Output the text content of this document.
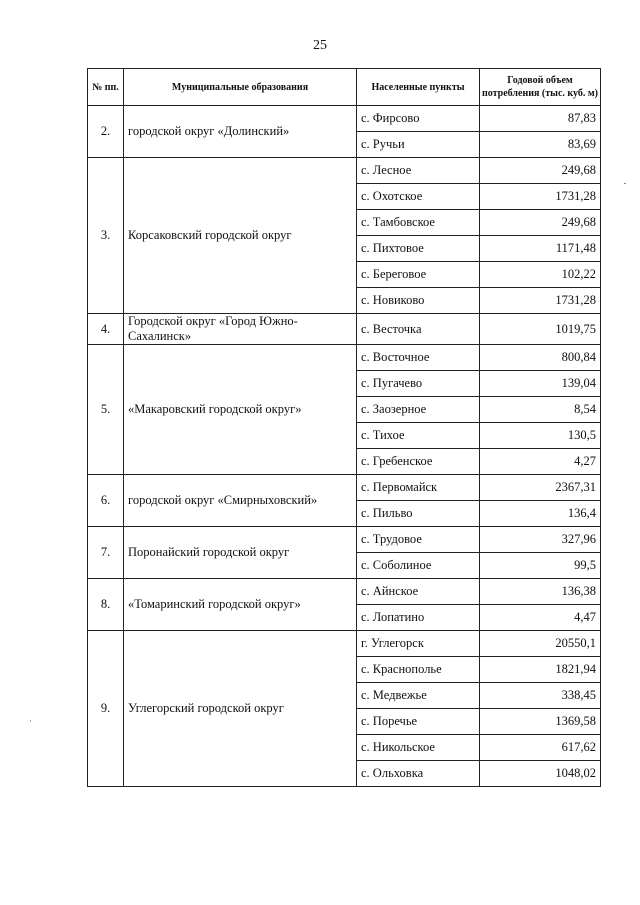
25
№ пп.	Муниципальные образования	Населенные пункты	Годовой объем потребления (тыс. куб. м)
2.	городской округ «Долинский»	с. Фирсово	87,83
		с. Ручьи	83,69
3.	Корсаковский городской округ	с. Лесное	249,68
		с. Охотское	1731,28
		с. Тамбовское	249,68
		с. Пихтовое	1171,48
		с. Береговое	102,22
		с. Новиково	1731,28
4.	Городской округ «Город Южно-Сахалинск»	с. Весточка	1019,75
5.	«Макаровский городской округ»	с. Восточное	800,84
		с. Пугачево	139,04
		с. Заозерное	8,54
		с. Тихое	130,5
		с. Гребенское	4,27
6.	городской округ «Смирныховский»	с. Первомайск	2367,31
		с. Пильво	136,4
7.	Поронайский городской округ	с. Трудовое	327,96
		с. Соболиное	99,5
8.	«Томаринский городской округ»	с. Айнское	136,38
		с. Лопатино	4,47
9.	Углегорский городской округ	г. Углегорск	20550,1
		с. Краснополье	1821,94
		с. Медвежье	338,45
		с. Поречье	1369,58
		с. Никольское	617,62
		с. Ольховка	1048,02
